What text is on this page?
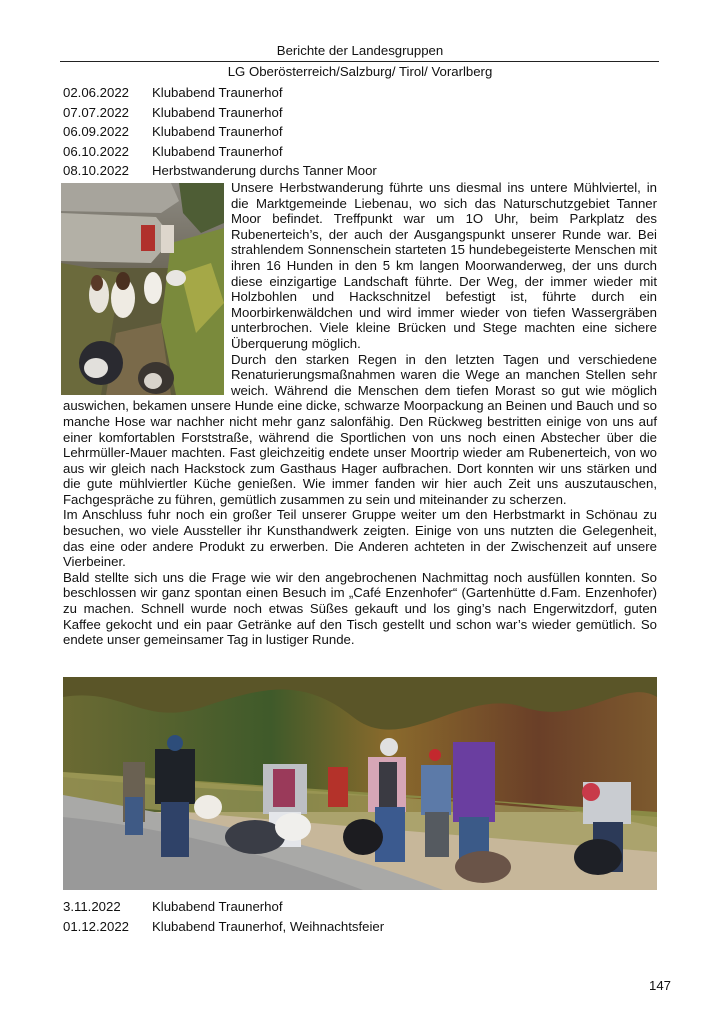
Berichte der Landesgruppen
LG Oberösterreich/Salzburg/ Tirol/ Vorarlberg
02.06.2022	Klubabend Traunerhof
07.07.2022	Klubabend Traunerhof
06.09.2022	Klubabend Traunerhof
06.10.2022	Klubabend Traunerhof
08.10.2022	Herbstwanderung durchs Tanner Moor

Unsere Herbstwanderung führte uns diesmal ins untere Mühlviertel, in die Marktgemeinde Liebenau, wo sich das Naturschutzgebiet Tanner Moor befindet. Treffpunkt war um 1O Uhr, beim Parkplatz des Rubenerteich’s, der auch der Ausgangspunkt unserer Runde war. Bei strahlendem Sonnenschein starteten 15 hundebegeisterte Menschen mit ihren 16 Hunden in den 5 km langen Moorwanderweg, der uns durch diese einzigartige Landschaft führte. Der Weg, der immer wieder mit Holzbohlen und Hackschnitzel befestigt ist, führte durch ein Moorbirkenwäldchen und wird immer wieder von tiefen Wassergräben unterbrochen. Viele kleine Brücken und Stege machten eine sichere Überquerung möglich.

Durch den starken Regen in den letzten Tagen und verschiedene Renaturierungsmaßnahmen waren die Wege an manchen Stellen sehr weich. Während die Menschen dem tiefen Morast so gut wie möglich auswichen, bekamen unsere Hunde eine dicke, schwarze Moorpackung an Beinen und Bauch und so manche Hose war nachher nicht mehr ganz salonfähig. Den Rückweg bestritten einige von uns auf einer komfortablen Forststraße, während die Sportlichen von uns noch einen Abstecher über die Lehrmüller-Mauer machten. Fast gleichzeitig endete unser Moortrip wieder am Rubenerteich, von wo aus wir gleich nach Hackstock zum Gasthaus Hager aufbrachen. Dort konnten wir uns stärken und die gute mühlviertler Küche genießen. Wie immer fanden wir hier auch Zeit uns auszutauschen, Fachgespräche zu führen, gemütlich zusammen zu sein und miteinander zu scherzen.

Im Anschluss fuhr noch ein großer Teil unserer Gruppe weiter um den Herbstmarkt in Schönau zu besuchen, wo viele Aussteller ihr Kunsthandwerk zeigten. Einige von uns nutzten die Gelegenheit, das eine oder andere Produkt zu erwerben. Die Anderen achteten in der Zwischenzeit auf unsere Vierbeiner.

Bald stellte sich uns die Frage wie wir den angebrochenen Nachmittag noch ausfüllen konnten. So beschlossen wir ganz spontan einen Besuch im „Café Enzenhofer“ (Gartenhütte d.Fam. Enzenhofer) zu machen. Schnell wurde noch etwas Süßes gekauft und los ging’s nach Engerwitzdorf, guten Kaffee gekocht und ein paar Getränke auf den Tisch gestellt und schon war’s wieder gemütlich. So endete unser gemeinsamer Tag in lustiger Runde.

3.11.2022	Klubabend Traunerhof
01.12.2022	Klubabend Traunerhof, Weihnachtsfeier
147
